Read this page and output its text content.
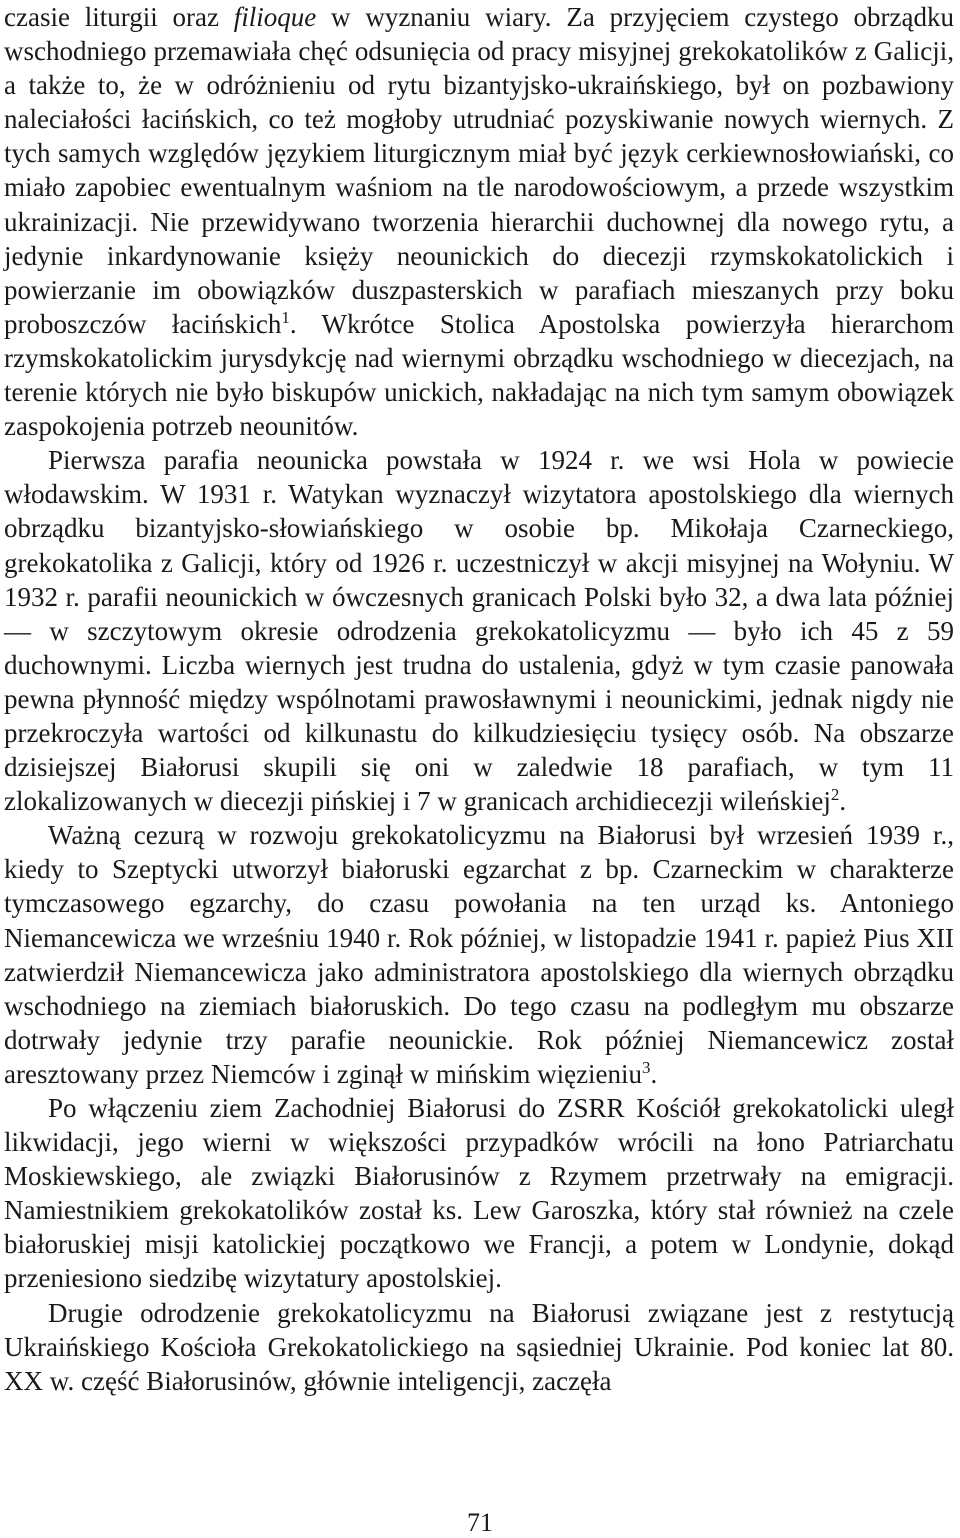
czasie liturgii oraz filioque w wyznaniu wiary. Za przyjęciem czystego obrządku wschodniego przemawiała chęć odsunięcia od pracy misyjnej grekokatolików z Galicji, a także to, że w odróżnieniu od rytu bizantyjsko-ukraińskiego, był on pozbawiony naleciałości łacińskich, co też mogłoby utrudniać pozyskiwanie nowych wiernych. Z tych samych względów językiem liturgicznym miał być język cerkiewnosłowiański, co miało zapobiec ewentualnym waśniom na tle narodowościowym, a przede wszystkim ukrainizacji. Nie przewidywano tworzenia hierarchii duchownej dla nowego rytu, a jedynie inkardynowanie księży neounickich do diecezji rzymskokatolickich i powierzanie im obowiązków duszpasterskich w parafiach mieszanych przy boku proboszczów łacińskich$^1$. Wkrótce Stolica Apostolska powierzyła hierarchom rzymskokatolickim jurysdykcję nad wiernymi obrządku wschodniego w diecezjach, na terenie których nie było biskupów unickich, nakładając na nich tym samym obowiązek zaspokojenia potrzeb neounitów.

Pierwsza parafia neounicka powstała w 1924 r. we wsi Hola w powiecie włodawskim. W 1931 r. Watykan wyznaczył wizytatora apostolskiego dla wiernych obrządku bizantyjsko-słowiańskiego w osobie bp. Mikołaja Czarneckiego, grekokatolika z Galicji, który od 1926 r. uczestniczył w akcji misyjnej na Wołyniu. W 1932 r. parafii neounickich w ówczesnych granicach Polski było 32, a dwa lata później — w szczytowym okresie odrodzenia grekokatolicyzmu — było ich 45 z 59 duchownymi. Liczba wiernych jest trudna do ustalenia, gdyż w tym czasie panowała pewna płynność między wspólnotami prawosławnymi i neounickimi, jednak nigdy nie przekroczyła wartości od kilkunastu do kilkudziesięciu tysięcy osób. Na obszarze dzisiejszej Białorusi skupili się oni w zaledwie 18 parafiach, w tym 11 zlokalizowanych w diecezji pińskiej i 7 w granicach archidiecezji wileńskiej$^2$.

Ważną cezurą w rozwoju grekokatolicyzmu na Białorusi był wrzesień 1939 r., kiedy to Szeptycki utworzył białoruski egzarchat z bp. Czarneckim w charakterze tymczasowego egzarchy, do czasu powołania na ten urząd ks. Antoniego Niemancewicza we wrześniu 1940 r. Rok później, w listopadzie 1941 r. papież Pius XII zatwierdził Niemancewicza jako administratora apostolskiego dla wiernych obrządku wschodniego na ziemiach białoruskich. Do tego czasu na podległym mu obszarze dotrwały jedynie trzy parafie neounickie. Rok później Niemancewicz został aresztowany przez Niemców i zginął w mińskim więzieniu$^3$.

Po włączeniu ziem Zachodniej Białorusi do ZSRR Kościół grekokatolicki uległ likwidacji, jego wierni w większości przypadków wrócili na łono Patriarchatu Moskiewskiego, ale związki Białorusinów z Rzymem przetrwały na emigracji. Namiestnikiem grekokatolików został ks. Lew Garoszka, który stał również na czele białoruskiej misji katolickiej początkowo we Francji, a potem w Londynie, dokąd przeniesiono siedzibę wizytatury apostolskiej.

Drugie odrodzenie grekokatolicyzmu na Białorusi związane jest z restytucją Ukraińskiego Kościoła Grekokatolickiego na sąsiedniej Ukrainie. Pod koniec lat 80. XX w. część Białorusinów, głównie inteligencji, zaczęła

71
